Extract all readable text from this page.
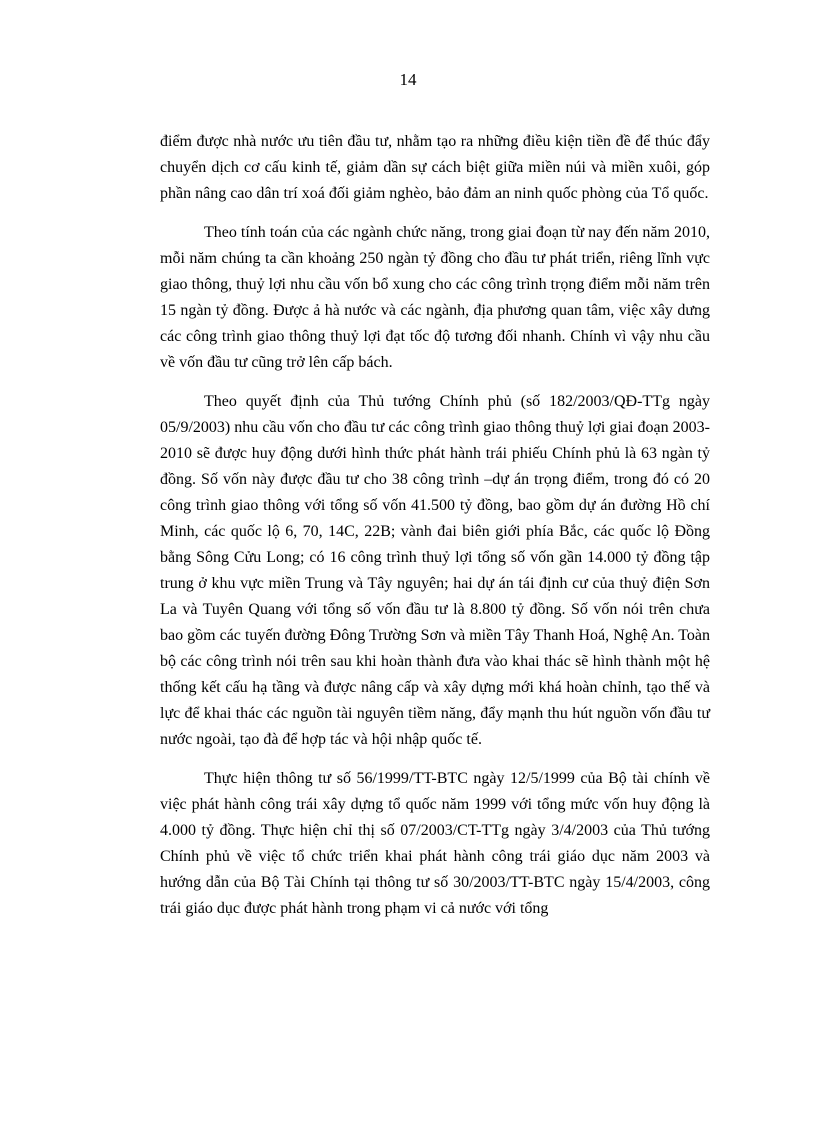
14

điểm được nhà nước ưu tiên đầu tư, nhằm tạo ra những điều kiện tiền đề để thúc đẩy chuyển dịch cơ cấu kinh tế, giảm dần sự cách biệt giữa miền núi và miền xuôi, góp phần nâng cao dân trí xoá đối giảm nghèo, bảo đảm an ninh quốc phòng của Tổ quốc.

Theo tính toán của các ngành chức năng, trong giai đoạn từ nay đến năm 2010, mỗi năm chúng ta cần khoảng 250 ngàn tỷ đồng cho đầu tư phát triển, riêng lĩnh vực giao thông, thuỷ lợi nhu cầu vốn bổ xung cho các công trình trọng điểm mỗi năm trên 15 ngàn tỷ đồng. Được ả hà nước và các ngành, địa phương quan tâm, việc xây dưng các công trình giao thông thuỷ lợi đạt tốc độ tương đối nhanh. Chính vì vậy nhu cầu về vốn đầu tư cũng trở lên cấp bách.

Theo quyết định của Thủ tướng Chính phủ (số 182/2003/QĐ-TTg ngày 05/9/2003) nhu cầu vốn cho đầu tư các công trình giao thông thuỷ lợi giai đoạn 2003-2010 sẽ được huy động dưới hình thức phát hành trái phiếu Chính phủ là 63 ngàn tỷ đồng. Số vốn này được đầu tư cho 38 công trình –dự án trọng điểm, trong đó có 20 công trình giao thông với tổng số vốn 41.500 tỷ đồng, bao gồm dự án đường Hồ chí Minh, các quốc lộ 6, 70, 14C, 22B; vành đai biên giới phía Bắc, các quốc lộ Đồng bằng Sông Cửu Long; có 16 công trình thuỷ lợi tổng số vốn gần 14.000 tỷ đồng tập trung ở khu vực miền Trung và Tây nguyên; hai dự án tái định cư của thuỷ điện Sơn La và Tuyên Quang với tổng số vốn đầu tư là 8.800 tỷ đồng. Số vốn nói trên chưa bao gồm các tuyến đường Đông Trường Sơn và miền Tây Thanh Hoá, Nghệ An. Toàn bộ các công trình nói trên sau khi hoàn thành đưa vào khai thác sẽ hình thành một hệ thống kết cấu hạ tầng và được nâng cấp và xây dựng mới khá hoàn chỉnh, tạo thế và lực để khai thác các nguồn tài nguyên tiềm năng, đẩy mạnh thu hút nguồn vốn đầu tư nước ngoài, tạo đà để hợp tác và hội nhập quốc tế.

Thực hiện thông tư số 56/1999/TT-BTC ngày 12/5/1999 của Bộ tài chính về việc phát hành công trái xây dựng tổ quốc năm 1999 với tổng mức vốn huy động là 4.000 tỷ đồng. Thực hiện chỉ thị số 07/2003/CT-TTg ngày 3/4/2003 của Thủ tướng Chính phủ về việc tổ chức triển khai phát hành công trái giáo dục năm 2003 và hướng dẫn của Bộ Tài Chính tại thông tư số 30/2003/TT-BTC ngày 15/4/2003, công trái giáo dục được phát hành trong phạm vi cả nước với tổng
